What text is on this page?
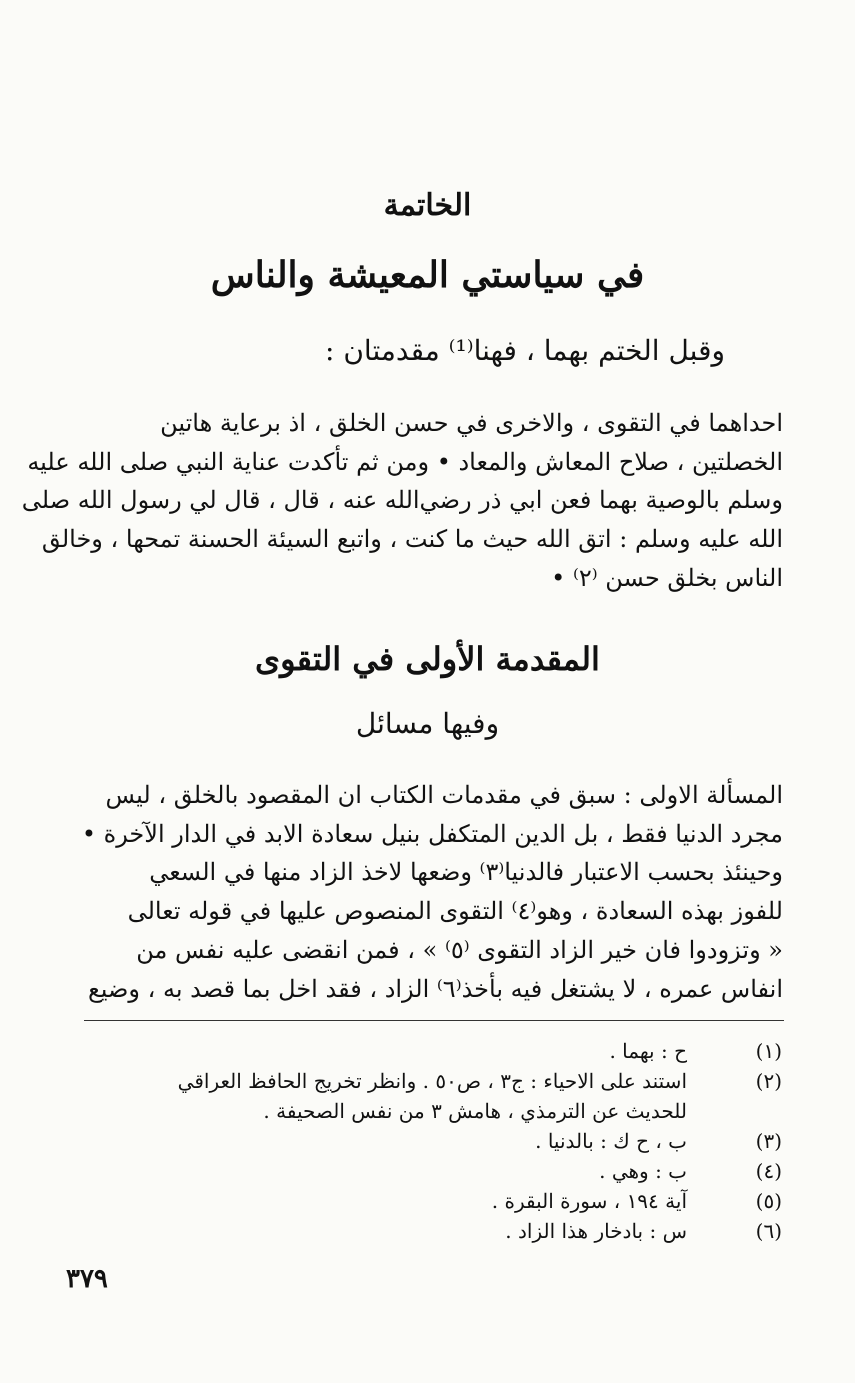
الخاتمة
في سياستي المعيشة والناس
وقبل الختم بهما ، فهنا⁽¹⁾ مقدمتان :
احداهما في التقوى ، والاخرى في حسن الخلق ، اذ برعاية هاتين
الخصلتين ، صلاح المعاش والمعاد • ومن ثم تأكدت عناية النبي صلى الله عليه
وسلم بالوصية بهما فعن ابي ذر رضي‌الله عنه ، قال ، قال لي رسول الله صلى
الله عليه وسلم : اتق الله حيث ما كنت ، واتبع السيئة الحسنة تمحها ، وخالق
الناس بخلق حسن ⁽٢⁾ •
المقدمة الأولى في التقوى
وفيها مسائل
المسألة الاولى : سبق في مقدمات الكتاب ان المقصود بالخلق ، ليس
مجرد الدنيا فقط ، بل الدين المتكفل بنيل سعادة الابد في الدار الآخرة •
وحينئذ بحسب الاعتبار فالدنيا⁽٣⁾ وضعها لاخذ الزاد منها في السعي
للفوز بهذه السعادة ، وهو⁽٤⁾ التقوى المنصوص عليها في قوله تعالى
« وتزودوا فان خير الزاد التقوى ⁽٥⁾ » ، فمن انقضى عليه نفس من
انفاس عمره ، لا يشتغل فيه بأخذ⁽٦⁾ الزاد ، فقد اخل بما قصد به ، وضيع
(١)
ح : بهما .
(٢)
استند على الاحياء : ج٣ ، ص٥٠ . وانظر تخريج الحافظ العراقي
للحديث عن الترمذي ، هامش ٣ من نفس الصحيفة .
(٣)
ب ، ح ك : بالدنيا .
(٤)
ب : وهي .
(٥)
آية ١٩٤ ، سورة البقرة .
(٦)
س : بادخار هذا الزاد .
٣٧٩
